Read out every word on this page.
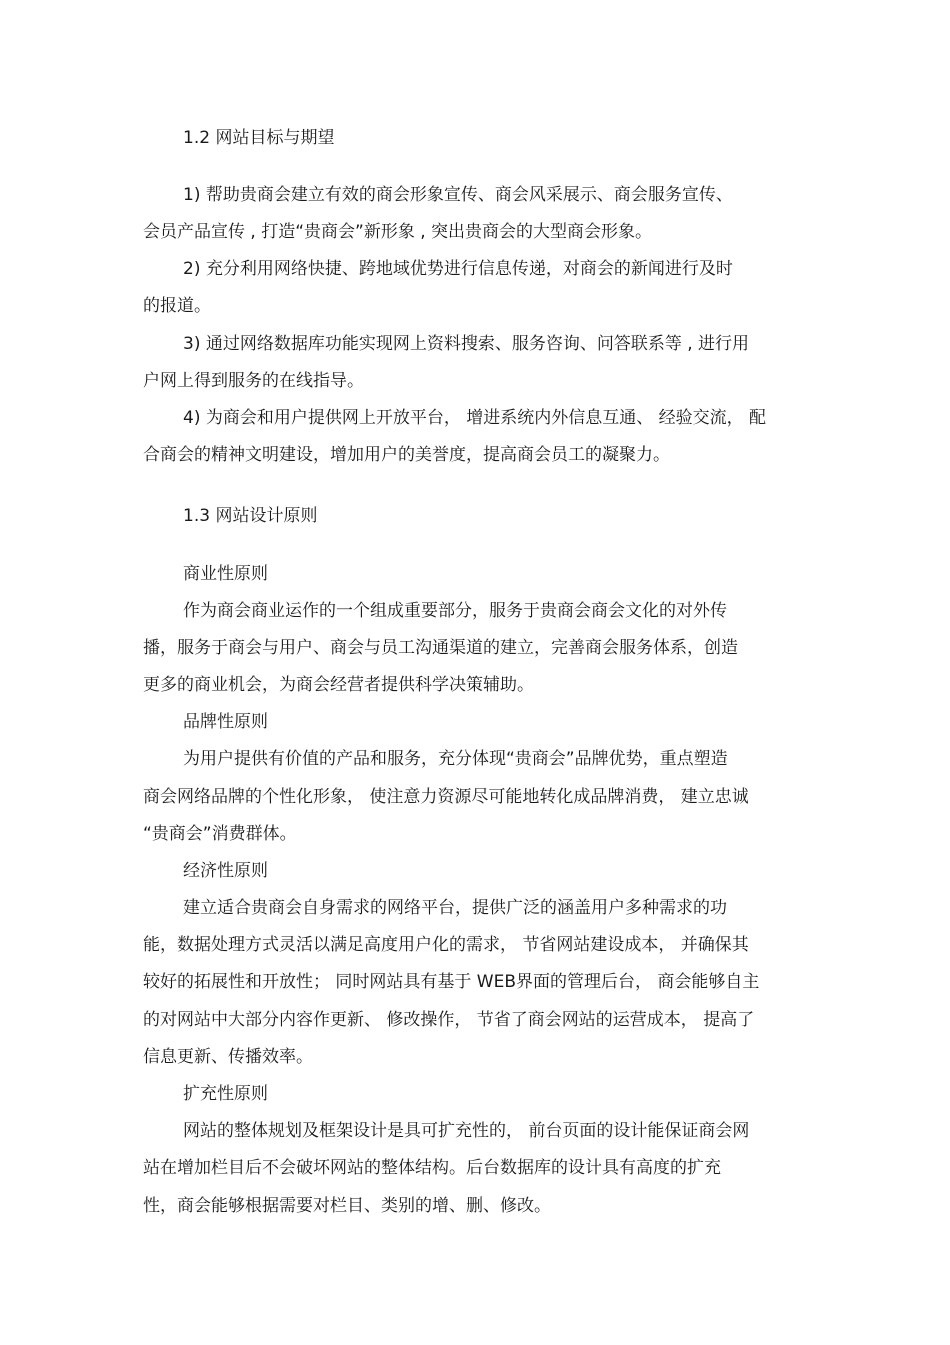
1.2 网站目标与期望
1) 帮助贵商会建立有效的商会形象宣传、商会风采展示、商会服务宣传、
会员产品宣传 , 打造“贵商会”新形象 , 突出贵商会的大型商会形象。
2) 充分利用网络快捷、跨地域优势进行信息传递，对商会的新闻进行及时
的报道。
3) 通过网络数据库功能实现网上资料搜索、服务咨询、问答联系等 , 进行用
户网上得到服务的在线指导。
4) 为商会和用户提供网上开放平台， 增进系统内外信息互通、 经验交流， 配
合商会的精神文明建设，增加用户的美誉度，提高商会员工的凝聚力。
1.3 网站设计原则
商业性原则
作为商会商业运作的一个组成重要部分，服务于贵商会商会文化的对外传
播，服务于商会与用户、商会与员工沟通渠道的建立，完善商会服务体系，创造
更多的商业机会，为商会经营者提供科学决策辅助。
品牌性原则
为用户提供有价值的产品和服务，充分体现“贵商会”品牌优势，重点塑造
商会网络品牌的个性化形象， 使注意力资源尽可能地转化成品牌消费， 建立忠诚
“贵商会”消费群体。
经济性原则
建立适合贵商会自身需求的网络平台，提供广泛的涵盖用户多种需求的功
能，数据处理方式灵活以满足高度用户化的需求， 节省网站建设成本， 并确保其
较好的拓展性和开放性； 同时网站具有基于 WEB界面的管理后台， 商会能够自主
的对网站中大部分内容作更新、 修改操作， 节省了商会网站的运营成本， 提高了
信息更新、传播效率。
扩充性原则
网站的整体规划及框架设计是具可扩充性的， 前台页面的设计能保证商会网
站在增加栏目后不会破坏网站的整体结构。后台数据库的设计具有高度的扩充
性，商会能够根据需要对栏目、类别的增、删、修改。
